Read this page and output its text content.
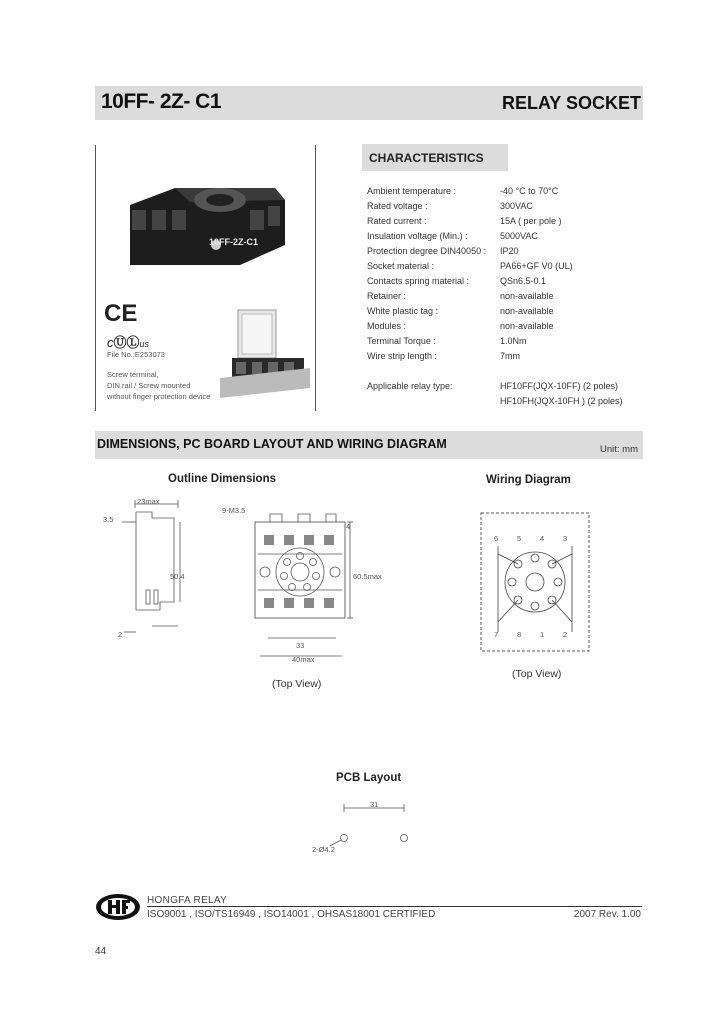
10FF- 2Z- C1	RELAY SOCKET
10FF-2Z-C1
CE
cⓊⓁus
File No.:E253073
Screw terminal,
DIN rail / Screw mounted
without finger protection device
CHARACTERISTICS
Ambient temperature :	-40 °C to 70°C
Rated voltage :	300VAC
Rated current :	15A ( per pole )
Insulation voltage (Min.) :	5000VAC
Protection degree DIN40050 : IP20
Socket material :	PA66+GF V0 (UL)
Contacts spring material :	QSn6.5-0.1
Retainer :	non-available
White plastic tag :	non-available
Modules :	non-available
Terminal Torque :	1.0Nm
Wire strip length :	7mm
Applicable relay type:	HF10FF(JQX-10FF) (2 poles)
HF10FH(JQX-10FH ) (2 poles)
DIMENSIONS, PC BOARD LAYOUT AND WIRING DIAGRAM	Unit: mm
Outline Dimensions
23max
3.5
9-M3.5
50.4
2
4
60.5max
33
40max
(Top View)
Wiring Diagram
6	5	4	3
7	8	1	2
(Top View)
PCB Layout
31
2-Ø4.2
HONGFA RELAY
ISO9001 , ISO/TS16949 , ISO14001 , OHSAS18001 CERTIFIED	2007 Rev. 1.00
44
